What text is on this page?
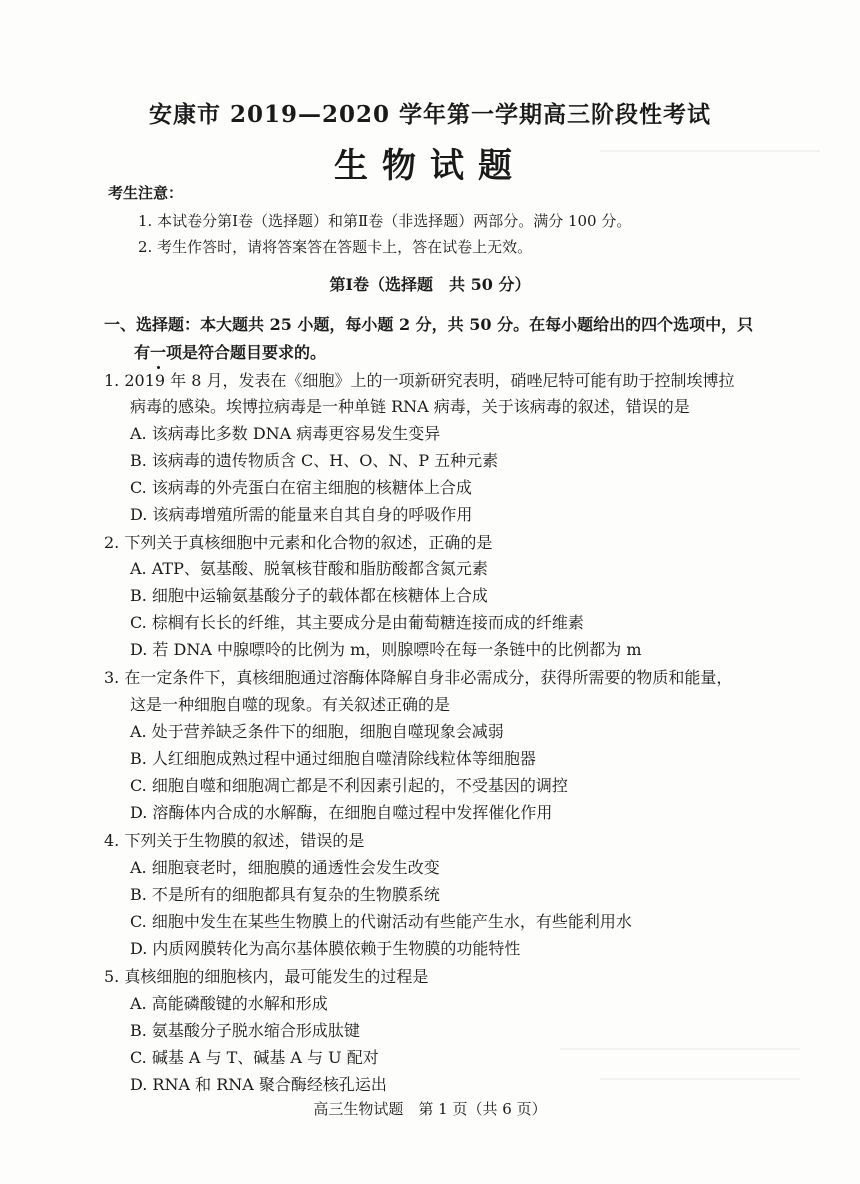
安康市 2019—2020 学年第一学期高三阶段性考试
生物试题
考生注意：
1. 本试卷分第Ⅰ卷（选择题）和第Ⅱ卷（非选择题）两部分。满分 100 分。
2. 考生作答时，请将答案答在答题卡上，答在试卷上无效。
第Ⅰ卷（选择题　共 50 分）
一、选择题：本大题共 25 小题，每小题 2 分，共 50 分。在每小题给出的四个选项中，只
有一项是符合题目要求的。
1. 2019 年 8 月，发表在《细胞》上的一项新研究表明，硝唑尼特可能有助于控制埃博拉
病毒的感染。埃博拉病毒是一种单链 RNA 病毒，关于该病毒的叙述，错误的是
A. 该病毒比多数 DNA 病毒更容易发生变异
B. 该病毒的遗传物质含 C、H、O、N、P 五种元素
C. 该病毒的外壳蛋白在宿主细胞的核糖体上合成
D. 该病毒增殖所需的能量来自其自身的呼吸作用
2. 下列关于真核细胞中元素和化合物的叙述，正确的是
A. ATP、氨基酸、脱氧核苷酸和脂肪酸都含氮元素
B. 细胞中运输氨基酸分子的载体都在核糖体上合成
C. 棕榈有长长的纤维，其主要成分是由葡萄糖连接而成的纤维素
D. 若 DNA 中腺嘌呤的比例为 m，则腺嘌呤在每一条链中的比例都为 m
3. 在一定条件下，真核细胞通过溶酶体降解自身非必需成分，获得所需要的物质和能量，
这是一种细胞自噬的现象。有关叙述正确的是
A. 处于营养缺乏条件下的细胞，细胞自噬现象会减弱
B. 人红细胞成熟过程中通过细胞自噬清除线粒体等细胞器
C. 细胞自噬和细胞凋亡都是不利因素引起的，不受基因的调控
D. 溶酶体内合成的水解酶，在细胞自噬过程中发挥催化作用
4. 下列关于生物膜的叙述，错误的是
A. 细胞衰老时，细胞膜的通透性会发生改变
B. 不是所有的细胞都具有复杂的生物膜系统
C. 细胞中发生在某些生物膜上的代谢活动有些能产生水，有些能利用水
D. 内质网膜转化为高尔基体膜依赖于生物膜的功能特性
5. 真核细胞的细胞核内，最可能发生的过程是
A. 高能磷酸键的水解和形成
B. 氨基酸分子脱水缩合形成肽键
C. 碱基 A 与 T、碱基 A 与 U 配对
D. RNA 和 RNA 聚合酶经核孔运出
高三生物试题　第 1 页（共 6 页）
